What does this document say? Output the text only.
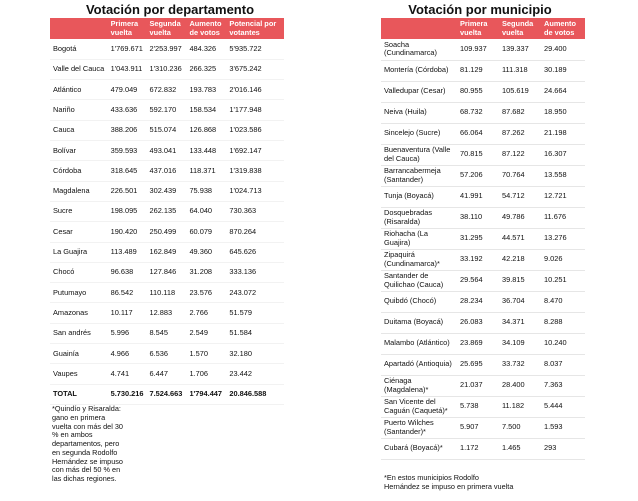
Votación por departamento
	Primera vuelta	Segunda vuelta	Aumento de votos	Potencial por votantes
Bogotá	1'769.671	2'253.997	484.326	5'935.722
Valle del Cauca	1'043.911	1'310.236	266.325	3'675.242
Atlántico	479.049	672.832	193.783	2'016.146
Nariño	433.636	592.170	158.534	1'177.948
Cauca	388.206	515.074	126.868	1'023.586
Bolívar	359.593	493.041	133.448	1'692.147
Córdoba	318.645	437.016	118.371	1'319.838
Magdalena	226.501	302.439	75.938	1'024.713
Sucre	198.095	262.135	64.040	730.363
Cesar	190.420	250.499	60.079	870.264
La Guajira	113.489	162.849	49.360	645.626
Chocó	96.638	127.846	31.208	333.136
Putumayo	86.542	110.118	23.576	243.072
Amazonas	10.117	12.883	2.766	51.579
San andrés	5.996	8.545	2.549	51.584
Guainía	4.966	6.536	1.570	32.180
Vaupes	4.741	6.447	1.706	23.442
TOTAL	5.730.216	7.524.663	1'794.447	20.846.588
*Quindío y Risaralda:
gano en primera
vuelta con más del 30
% en ambos
departamentos, pero
en segunda Rodolfo
Hernández se impuso
con más del 50 % en
las dichas regiones.
Votación por municipio
	Primera vuelta	Segunda vuelta	Aumento de votos
Soacha (Cundinamarca)	109.937	139.337	29.400
Montería (Córdoba)	81.129	111.318	30.189
Valledupar (Cesar)	80.955	105.619	24.664
Neiva (Huila)	68.732	87.682	18.950
Sincelejo (Sucre)	66.064	87.262	21.198
Buenaventura (Valle del Cauca)	70.815	87.122	16.307
Barrancabermeja (Santander)	57.206	70.764	13.558
Tunja (Boyacá)	41.991	54.712	12.721
Dosquebradas (Risaralda)	38.110	49.786	11.676
Riohacha (La Guajira)	31.295	44.571	13.276
Zipaquirá (Cundinamarca)*	33.192	42.218	9.026
Santander de Quilichao (Cauca)	29.564	39.815	10.251
Quibdó (Chocó)	28.234	36.704	8.470
Duitama (Boyacá)	26.083	34.371	8.288
Malambo (Atlántico)	23.869	34.109	10.240
Apartadó (Antioquia)	25.695	33.732	8.037
Ciénaga (Magdalena)*	21.037	28.400	7.363
San Vicente del Caguán (Caquetá)*	5.738	11.182	5.444
Puerto Wilches (Santander)*	5.907	7.500	1.593
Cubará (Boyacá)*	1.172	1.465	293
*En estos municipios Rodolfo
Hernández se impuso en primera vuelta
